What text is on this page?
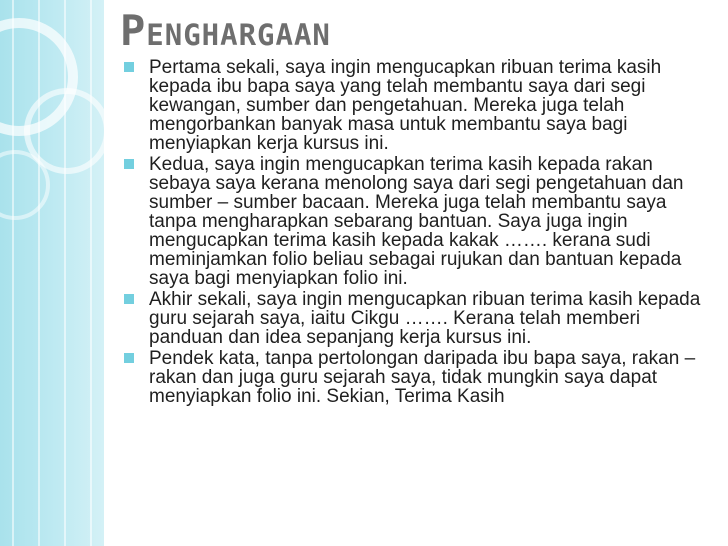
Penghargaan
Pertama sekali, saya ingin mengucapkan ribuan terima kasih kepada ibu bapa saya yang telah membantu saya dari segi kewangan, sumber dan pengetahuan. Mereka juga telah mengorbankan banyak masa untuk membantu saya bagi menyiapkan kerja kursus ini.
Kedua, saya ingin mengucapkan terima kasih kepada rakan sebaya saya kerana menolong saya dari segi pengetahuan dan sumber – sumber bacaan. Mereka juga telah membantu saya tanpa mengharapkan sebarang bantuan. Saya juga ingin mengucapkan terima kasih kepada kakak ……. kerana sudi meminjamkan folio beliau sebagai rujukan dan bantuan kepada saya bagi menyiapkan folio ini.
Akhir sekali, saya ingin mengucapkan ribuan terima kasih kepada guru sejarah saya, iaitu Cikgu ……. Kerana telah memberi panduan dan idea sepanjang kerja kursus ini.
Pendek kata, tanpa pertolongan daripada ibu bapa saya, rakan – rakan dan juga guru sejarah saya, tidak mungkin saya dapat menyiapkan folio ini. Sekian, Terima Kasih
